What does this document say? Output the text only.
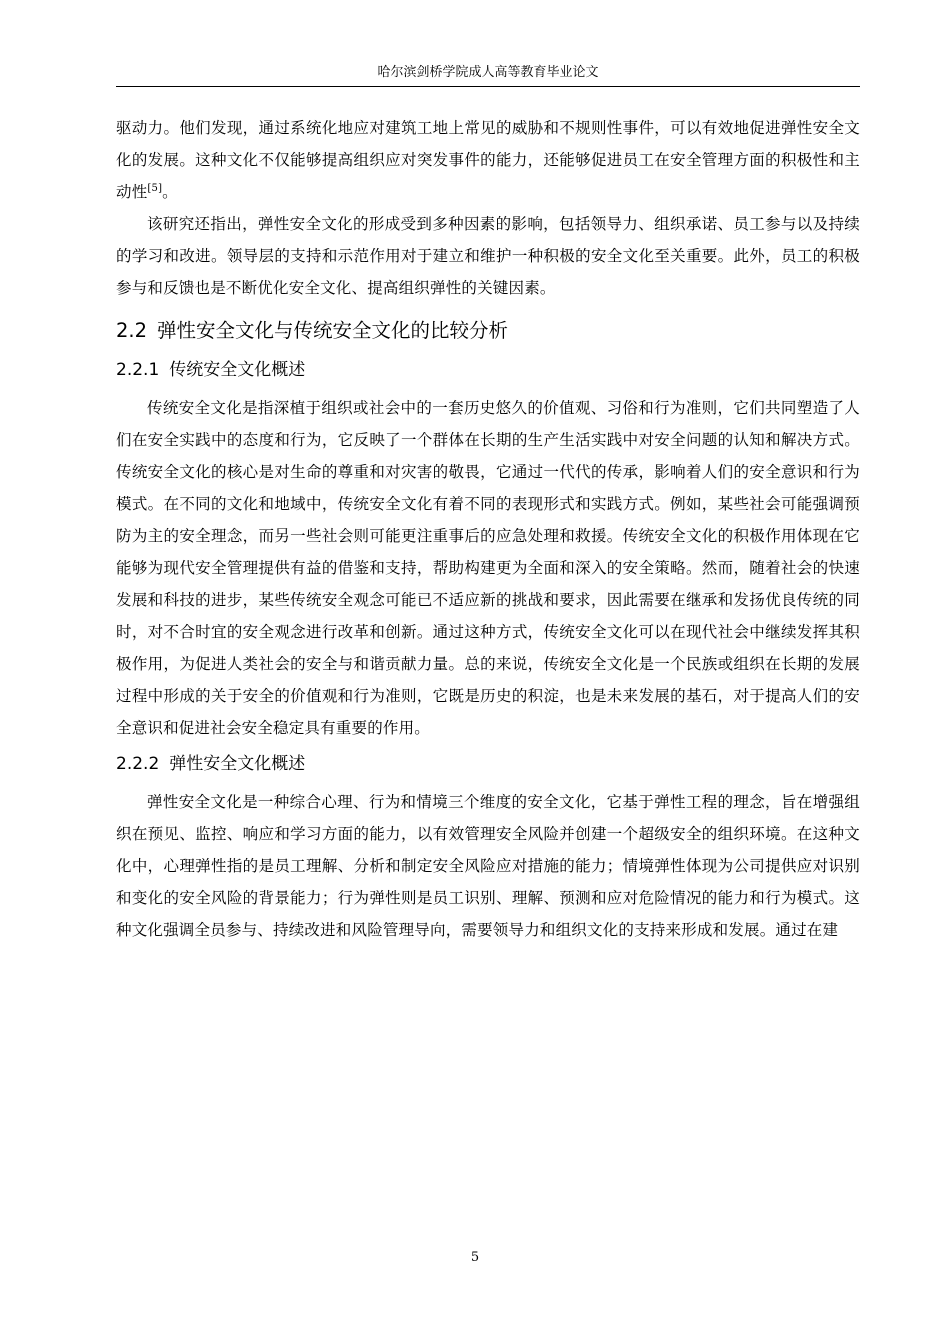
哈尔滨剑桥学院成人高等教育毕业论文

驱动力。他们发现，通过系统化地应对建筑工地上常见的威胁和不规则性事件，可以有效地促进弹性安全文化的发展。这种文化不仅能够提高组织应对突发事件的能力，还能够促进员工在安全管理方面的积极性和主动性[5]。

该研究还指出，弹性安全文化的形成受到多种因素的影响，包括领导力、组织承诺、员工参与以及持续的学习和改进。领导层的支持和示范作用对于建立和维护一种积极的安全文化至关重要。此外，员工的积极参与和反馈也是不断优化安全文化、提高组织弹性的关键因素。

2.2 弹性安全文化与传统安全文化的比较分析
2.2.1 传统安全文化概述

传统安全文化是指深植于组织或社会中的一套历史悠久的价值观、习俗和行为准则，它们共同塑造了人们在安全实践中的态度和行为，它反映了一个群体在长期的生产生活实践中对安全问题的认知和解决方式。传统安全文化的核心是对生命的尊重和对灾害的敬畏，它通过一代代的传承，影响着人们的安全意识和行为模式。在不同的文化和地域中，传统安全文化有着不同的表现形式和实践方式。例如，某些社会可能强调预防为主的安全理念，而另一些社会则可能更注重事后的应急处理和救援。传统安全文化的积极作用体现在它能够为现代安全管理提供有益的借鉴和支持，帮助构建更为全面和深入的安全策略。然而，随着社会的快速发展和科技的进步，某些传统安全观念可能已不适应新的挑战和要求，因此需要在继承和发扬优良传统的同时，对不合时宜的安全观念进行改革和创新。通过这种方式，传统安全文化可以在现代社会中继续发挥其积极作用，为促进人类社会的安全与和谐贡献力量。总的来说，传统安全文化是一个民族或组织在长期的发展过程中形成的关于安全的价值观和行为准则，它既是历史的积淀，也是未来发展的基石，对于提高人们的安全意识和促进社会安全稳定具有重要的作用。

2.2.2 弹性安全文化概述

弹性安全文化是一种综合心理、行为和情境三个维度的安全文化，它基于弹性工程的理念，旨在增强组织在预见、监控、响应和学习方面的能力，以有效管理安全风险并创建一个超级安全的组织环境。在这种文化中，心理弹性指的是员工理解、分析和制定安全风险应对措施的能力；情境弹性体现为公司提供应对识别和变化的安全风险的背景能力；行为弹性则是员工识别、理解、预测和应对危险情况的能力和行为模式。这种文化强调全员参与、持续改进和风险管理导向，需要领导力和组织文化的支持来形成和发展。通过在建

5
